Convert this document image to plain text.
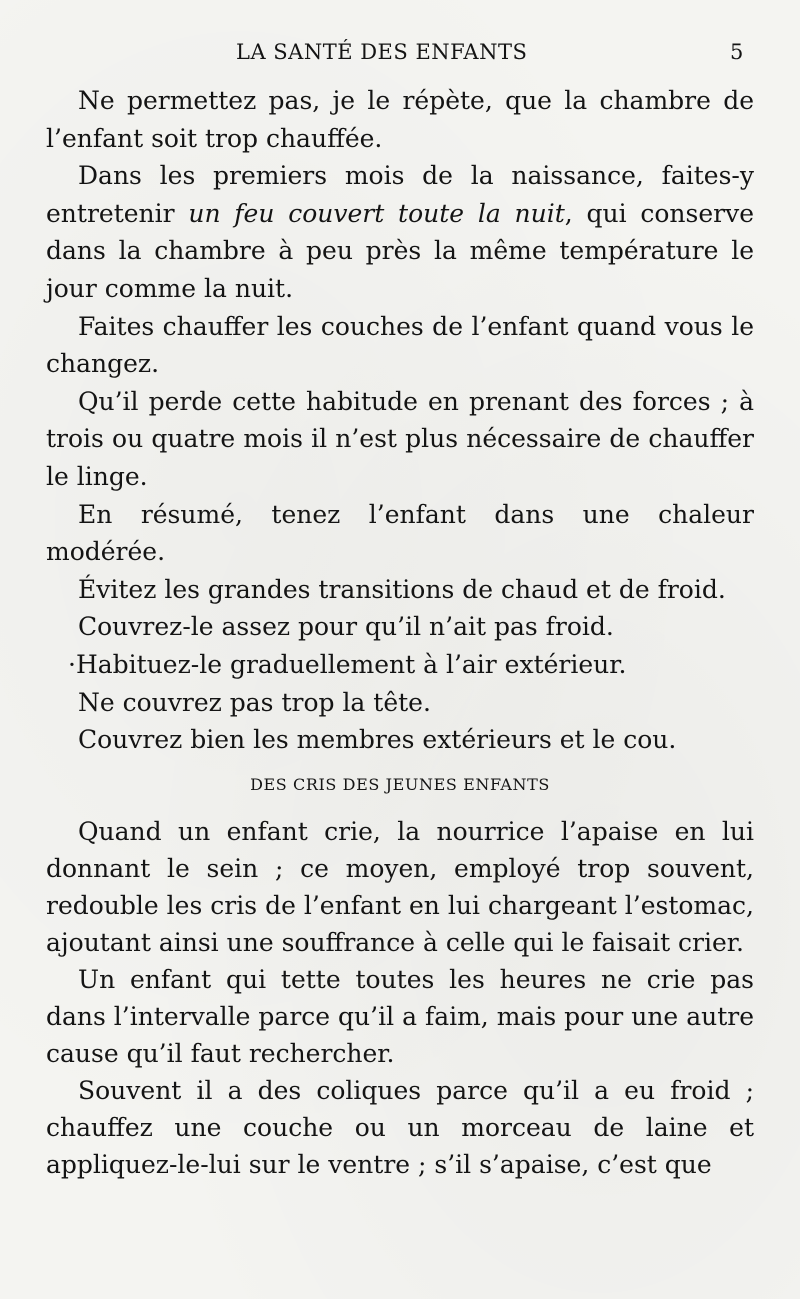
LA SANTÉ DES ENFANTS	5

Ne permettez pas, je le répète, que la chambre de l’enfant soit trop chauffée.

Dans les premiers mois de la naissance, faites-y entretenir un feu couvert toute la nuit, qui conserve dans la chambre à peu près la même température le jour comme la nuit.

Faites chauffer les couches de l’enfant quand vous le changez.

Qu’il perde cette habitude en prenant des forces ; à trois ou quatre mois il n’est plus nécessaire de chauffer le linge.

En résumé, tenez l’enfant dans une chaleur modérée.

Évitez les grandes transitions de chaud et de froid.

Couvrez-le assez pour qu’il n’ait pas froid.

·Habituez-le graduellement à l’air extérieur.

Ne couvrez pas trop la tête.

Couvrez bien les membres extérieurs et le cou.

DES CRIS DES JEUNES ENFANTS

Quand un enfant crie, la nourrice l’apaise en lui donnant le sein ; ce moyen, employé trop souvent, redouble les cris de l’enfant en lui chargeant l’estomac, ajoutant ainsi une souffrance à celle qui le faisait crier.

Un enfant qui tette toutes les heures ne crie pas dans l’intervalle parce qu’il a faim, mais pour une autre cause qu’il faut rechercher.

Souvent il a des coliques parce qu’il a eu froid ; chauffez une couche ou un morceau de laine et appliquez-le-lui sur le ventre ; s’il s’apaise, c’est que
